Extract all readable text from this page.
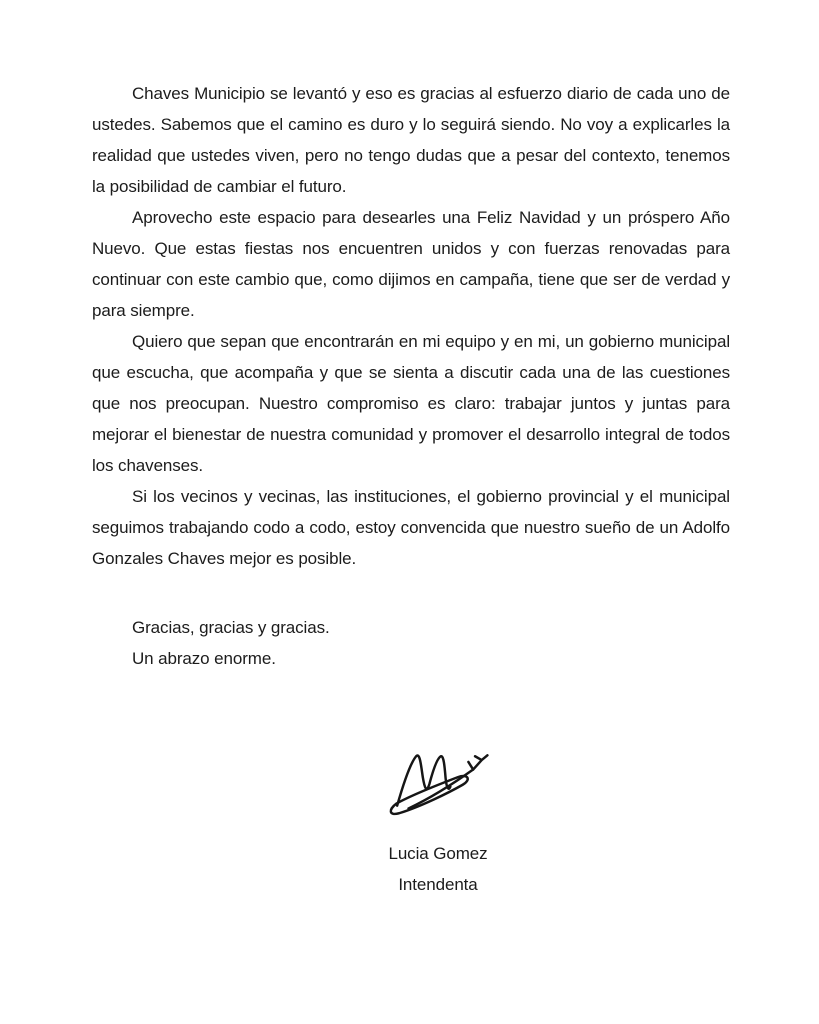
Chaves Municipio se levantó y eso es gracias al esfuerzo diario de cada uno de ustedes. Sabemos que el camino es duro y lo seguirá siendo. No voy a explicarles la realidad que ustedes viven, pero no tengo dudas que a pesar del contexto, tenemos la posibilidad de cambiar el futuro.

Aprovecho este espacio para desearles una Feliz Navidad y un próspero Año Nuevo. Que estas fiestas nos encuentren unidos y con fuerzas renovadas para continuar con este cambio que, como dijimos en campaña, tiene que ser de verdad y para siempre.

Quiero que sepan que encontrarán en mi equipo y en mi, un gobierno municipal que escucha, que acompaña y que se sienta a discutir cada una de las cuestiones que nos preocupan. Nuestro compromiso es claro: trabajar juntos y juntas para mejorar el bienestar de nuestra comunidad y promover el desarrollo integral de todos los chavenses.

Si los vecinos y vecinas, las instituciones, el gobierno provincial y el municipal seguimos trabajando codo a codo, estoy convencida que nuestro sueño de un Adolfo Gonzales Chaves mejor es posible.

Gracias, gracias y gracias.

Un abrazo enorme.

Lucia Gomez
Intendenta
